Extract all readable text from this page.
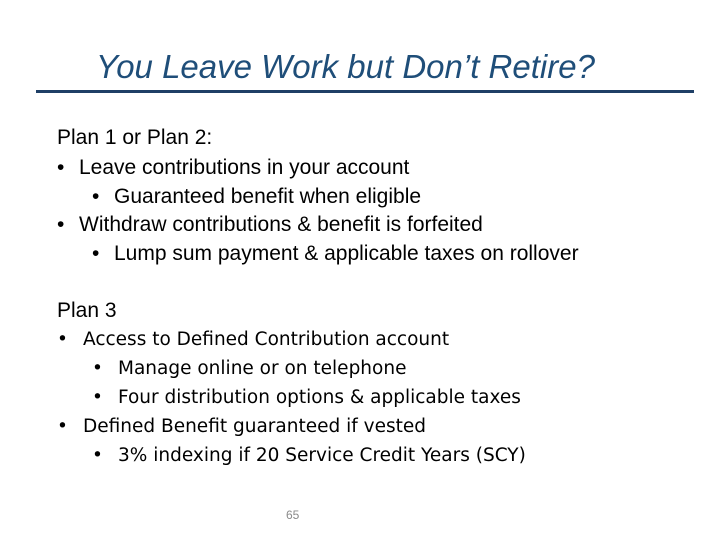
You Leave Work but Don’t Retire?
Plan 1 or Plan 2:
• Leave contributions in your account
• Guaranteed benefit when eligible
• Withdraw contributions & benefit is forfeited
• Lump sum payment & applicable taxes on rollover
Plan 3
• Access to Defined Contribution account
• Manage online or on telephone
• Four distribution options & applicable taxes
• Defined Benefit guaranteed if vested
• 3% indexing if 20 Service Credit Years (SCY)
65
